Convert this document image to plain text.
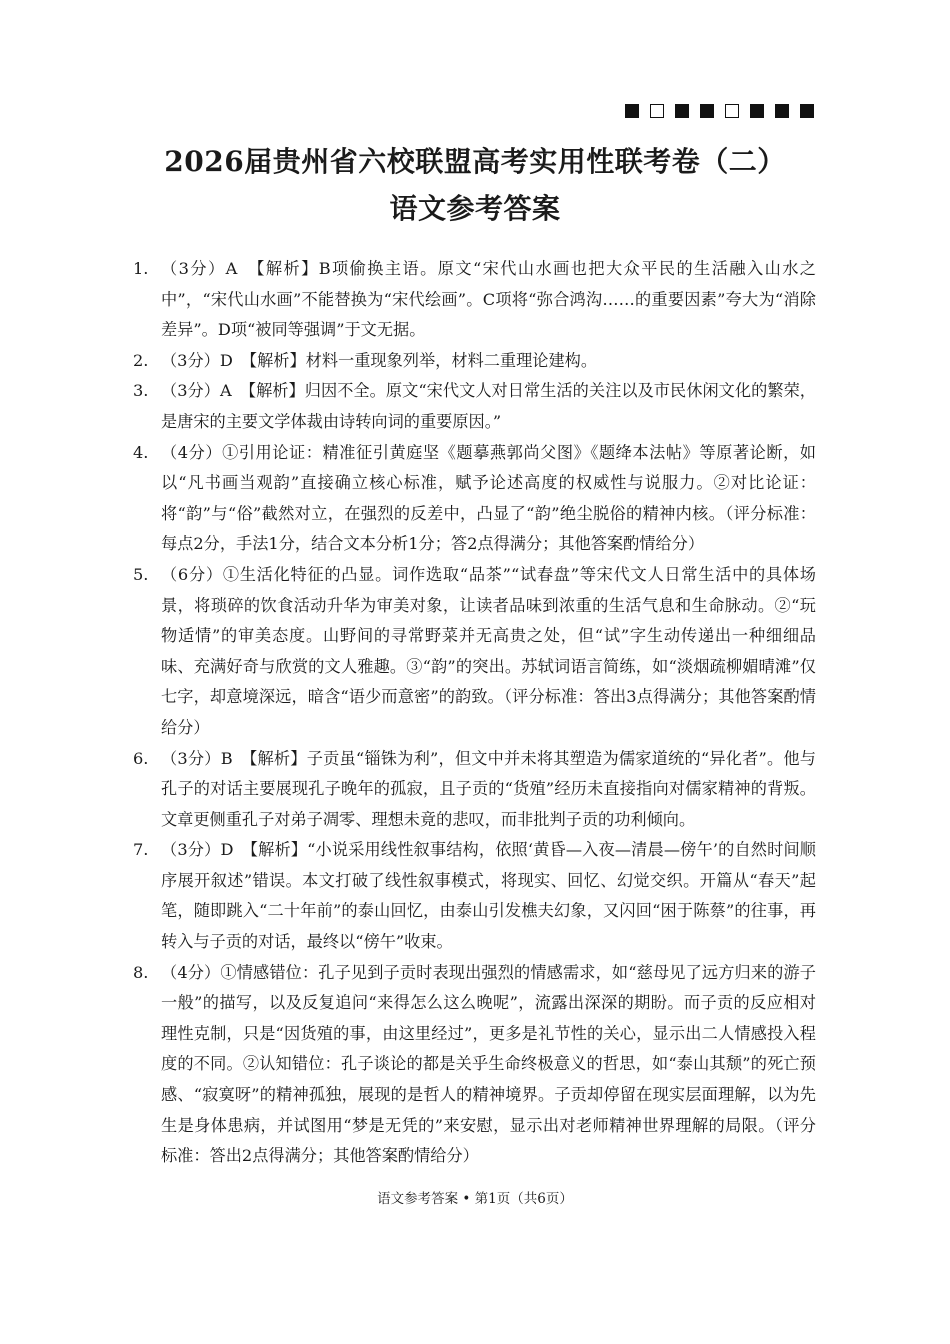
2026届贵州省六校联盟高考实用性联考卷（二）
语文参考答案
1. （3分）A　【解析】B项偷换主语。原文“宋代山水画也把大众平民的生活融入山水之中”，“宋代山水画”不能替换为“宋代绘画”。C项将“弥合鸿沟……的重要因素”夸大为“消除差异”。D项“被同等强调”于文无据。
2. （3分）D　【解析】材料一重现象列举，材料二重理论建构。
3. （3分）A　【解析】归因不全。原文“宋代文人对日常生活的关注以及市民休闲文化的繁荣，是唐宋的主要文学体裁由诗转向词的重要原因。”
4. （4分）①引用论证：精准征引黄庭坚《题摹燕郭尚父图》《题绛本法帖》等原著论断，如以“凡书画当观韵”直接确立核心标准，赋予论述高度的权威性与说服力。②对比论证：将“韵”与“俗”截然对立，在强烈的反差中，凸显了“韵”绝尘脱俗的精神内核。（评分标准：每点2分，手法1分，结合文本分析1分；答2点得满分；其他答案酌情给分）
5. （6分）①生活化特征的凸显。词作选取“品茶”“试春盘”等宋代文人日常生活中的具体场景，将琐碎的饮食活动升华为审美对象，让读者品味到浓重的生活气息和生命脉动。②“玩物适情”的审美态度。山野间的寻常野菜并无高贵之处，但“试”字生动传递出一种细细品味、充满好奇与欣赏的文人雅趣。③“韵”的突出。苏轼词语言简练，如“淡烟疏柳媚晴滩”仅七字，却意境深远，暗含“语少而意密”的韵致。（评分标准：答出3点得满分；其他答案酌情给分）
6. （3分）B　【解析】子贡虽“锱铢为利”，但文中并未将其塑造为儒家道统的“异化者”。他与孔子的对话主要展现孔子晚年的孤寂，且子贡的“货殖”经历未直接指向对儒家精神的背叛。文章更侧重孔子对弟子凋零、理想未竟的悲叹，而非批判子贡的功利倾向。
7. （3分）D　【解析】“小说采用线性叙事结构，依照‘黄昏—入夜—清晨—傍午’的自然时间顺序展开叙述”错误。本文打破了线性叙事模式，将现实、回忆、幻觉交织。开篇从“春天”起笔，随即跳入“二十年前”的泰山回忆，由泰山引发樵夫幻象，又闪回“困于陈蔡”的往事，再转入与子贡的对话，最终以“傍午”收束。
8. （4分）①情感错位：孔子见到子贡时表现出强烈的情感需求，如“慈母见了远方归来的游子一般”的描写，以及反复追问“来得怎么这么晚呢”，流露出深深的期盼。而子贡的反应相对理性克制，只是“因货殖的事，由这里经过”，更多是礼节性的关心，显示出二人情感投入程度的不同。②认知错位：孔子谈论的都是关乎生命终极意义的哲思，如“泰山其颓”的死亡预感、“寂寞呀”的精神孤独，展现的是哲人的精神境界。子贡却停留在现实层面理解，以为先生是身体患病，并试图用“梦是无凭的”来安慰，显示出对老师精神世界理解的局限。（评分标准：答出2点得满分；其他答案酌情给分）
语文参考答案 • 第1页（共6页）
